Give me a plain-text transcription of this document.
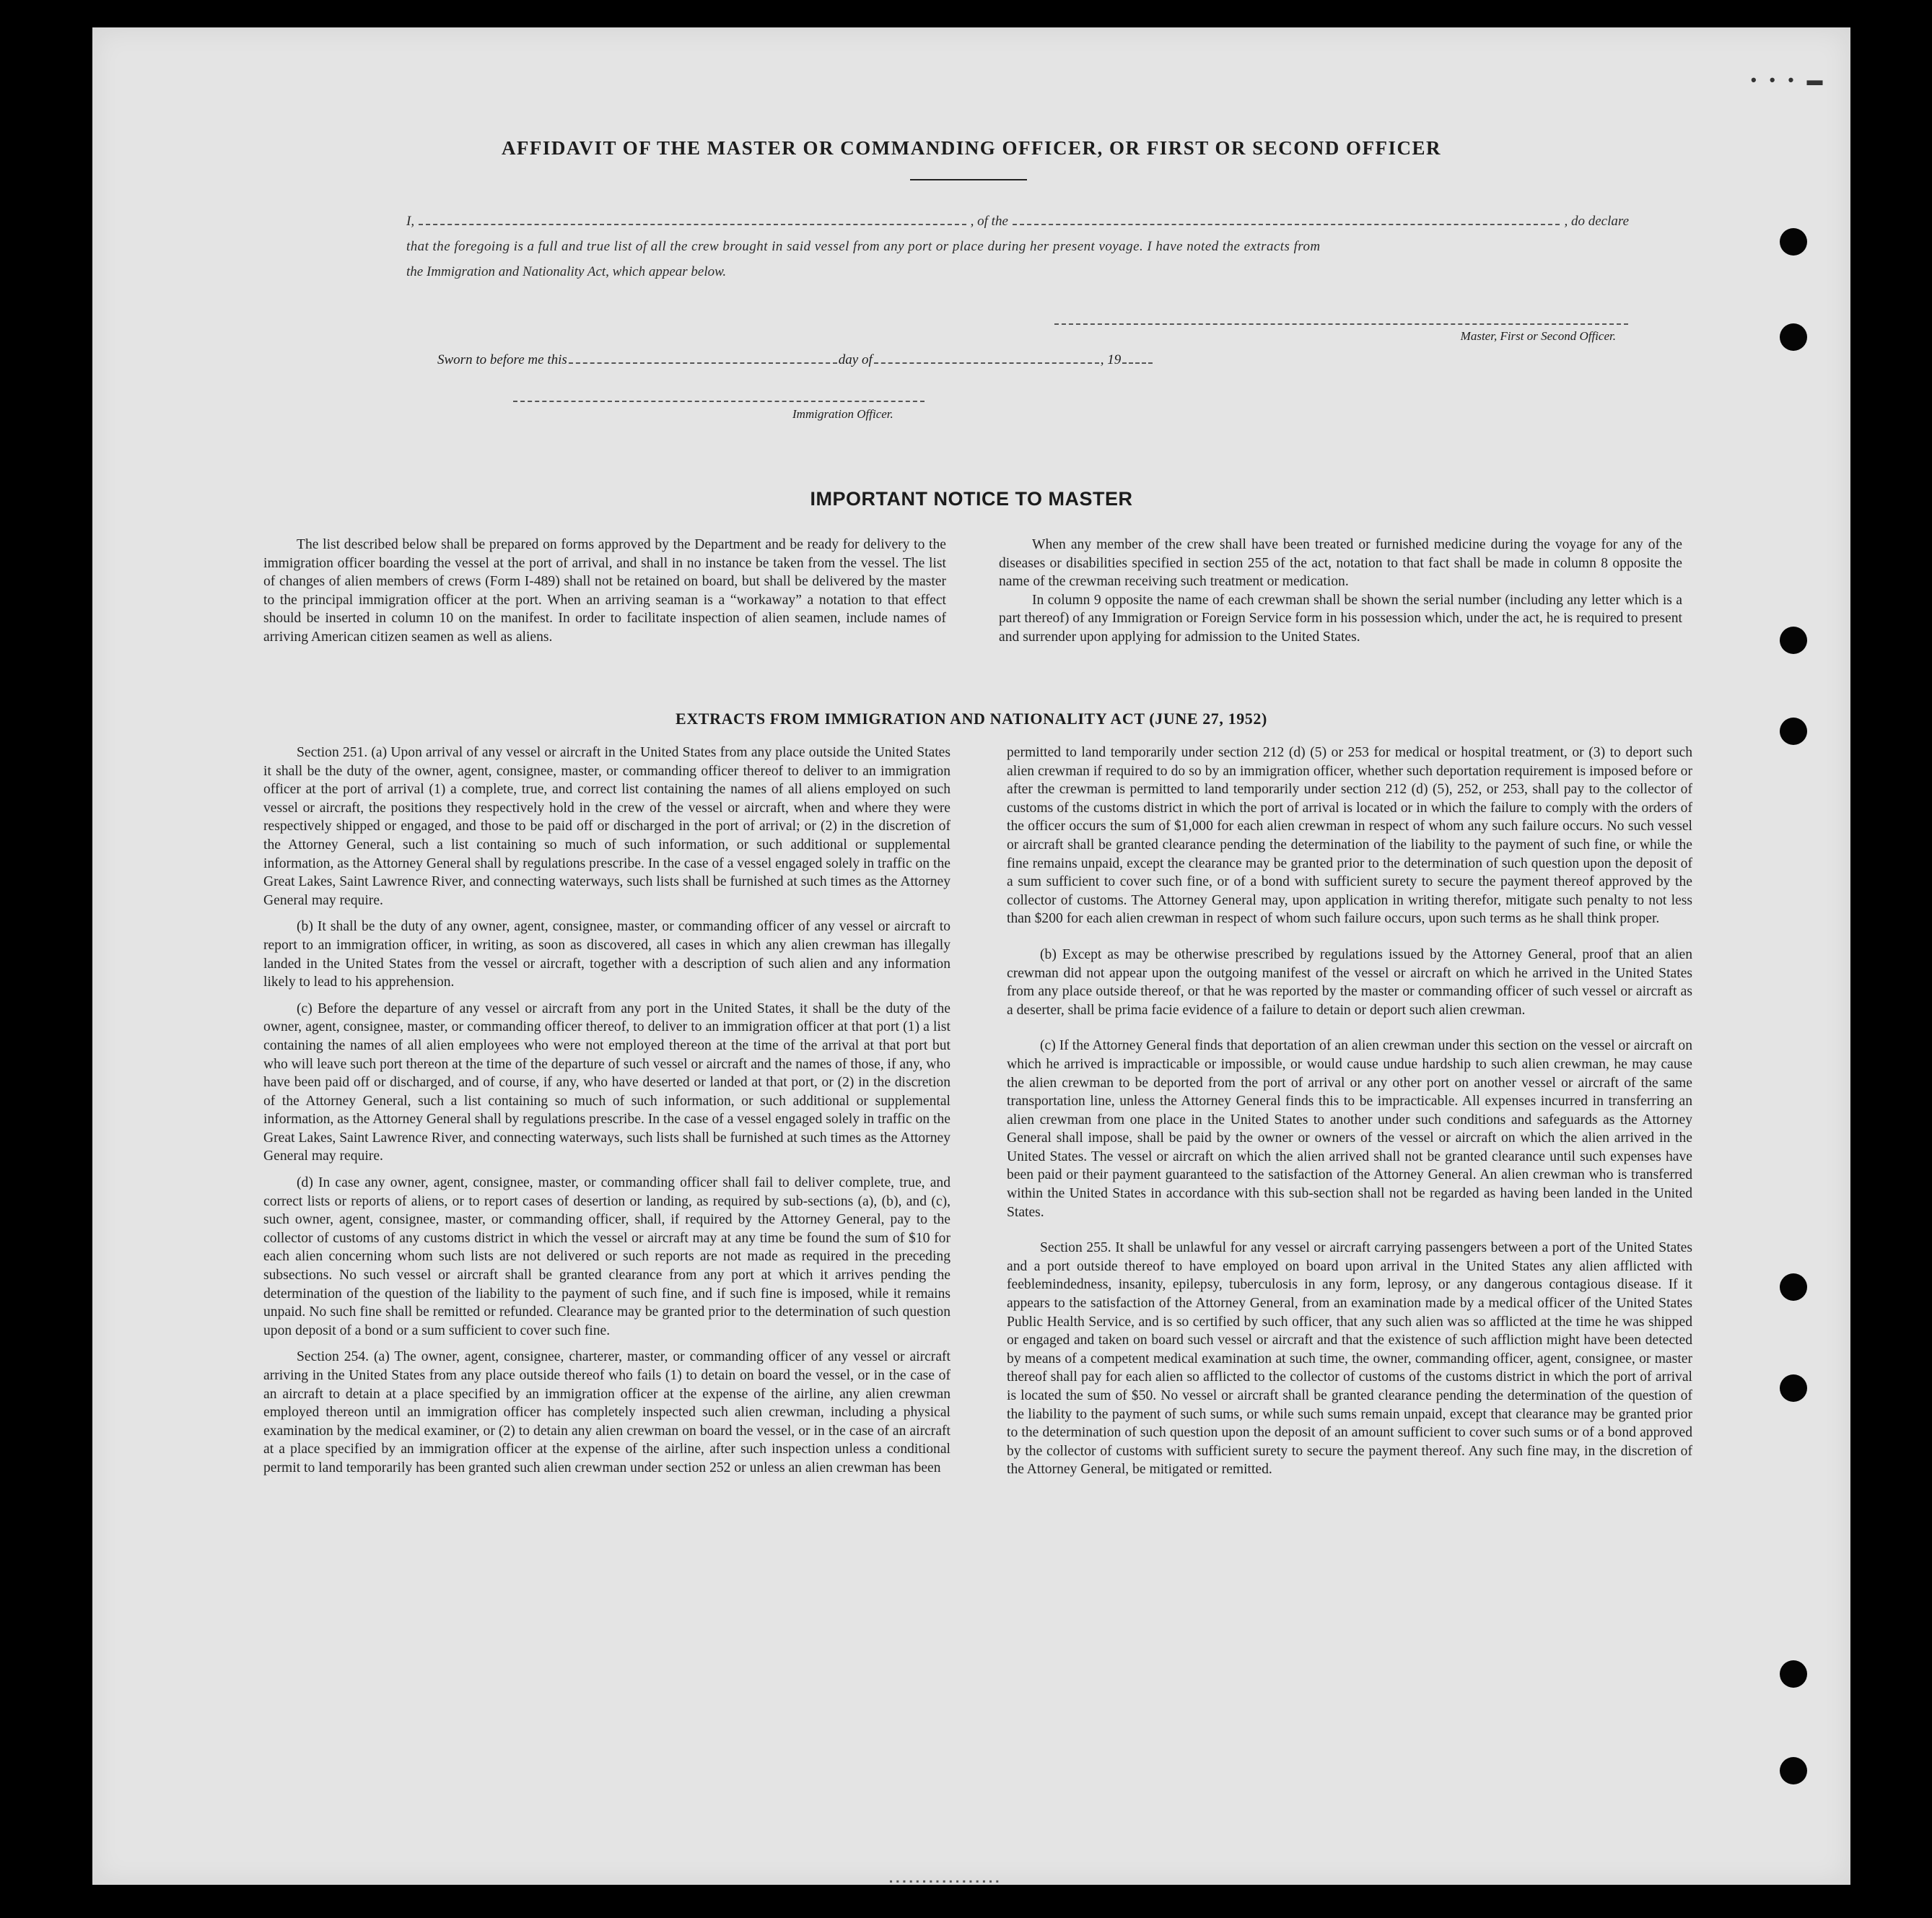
• • • ▬
AFFIDAVIT OF THE MASTER OR COMMANDING OFFICER, OR FIRST OR SECOND OFFICER
I,	, of the	, do declare
that the foregoing is a full and true list of all the crew brought in said vessel from any port or place during her present voyage. I have noted the extracts from
the Immigration and Nationality Act, which appear below.
Master, First or Second Officer.
Sworn to before me this	day of	, 19
Immigration Officer.
IMPORTANT NOTICE TO MASTER

The list described below shall be prepared on forms approved by the Department and be ready for delivery to the immigration officer boarding the vessel at the port of arrival, and shall in no instance be taken from the vessel. The list of changes of alien members of crews (Form I-489) shall not be retained on board, but shall be delivered by the master to the principal immigration officer at the port. When an arriving seaman is a “workaway” a notation to that effect should be inserted in column 10 on the manifest. In order to facilitate inspection of alien seamen, include names of arriving American citizen seamen as well as aliens.

When any member of the crew shall have been treated or furnished medicine during the voyage for any of the diseases or disabilities specified in section 255 of the act, notation to that fact shall be made in column 8 opposite the name of the crewman receiving such treatment or medication.

In column 9 opposite the name of each crewman shall be shown the serial number (including any letter which is a part thereof) of any Immigration or Foreign Service form in his possession which, under the act, he is required to present and surrender upon applying for admission to the United States.

EXTRACTS FROM IMMIGRATION AND NATIONALITY ACT (JUNE 27, 1952)

Section 251. (a) Upon arrival of any vessel or aircraft in the United States from any place outside the United States it shall be the duty of the owner, agent, consignee, master, or commanding officer thereof to deliver to an immigration officer at the port of arrival (1) a complete, true, and correct list containing the names of all aliens employed on such vessel or aircraft, the positions they respectively hold in the crew of the vessel or aircraft, when and where they were respectively shipped or engaged, and those to be paid off or discharged in the port of arrival; or (2) in the discretion of the Attorney General, such a list containing so much of such information, or such additional or supplemental information, as the Attorney General shall by regulations prescribe. In the case of a vessel engaged solely in traffic on the Great Lakes, Saint Lawrence River, and connecting waterways, such lists shall be furnished at such times as the Attorney General may require.

(b) It shall be the duty of any owner, agent, consignee, master, or commanding officer of any vessel or aircraft to report to an immigration officer, in writing, as soon as discovered, all cases in which any alien crewman has illegally landed in the United States from the vessel or aircraft, together with a description of such alien and any information likely to lead to his apprehension.

(c) Before the departure of any vessel or aircraft from any port in the United States, it shall be the duty of the owner, agent, consignee, master, or commanding officer thereof, to deliver to an immigration officer at that port (1) a list containing the names of all alien employees who were not employed thereon at the time of the arrival at that port but who will leave such port thereon at the time of the departure of such vessel or aircraft and the names of those, if any, who have been paid off or discharged, and of course, if any, who have deserted or landed at that port, or (2) in the discretion of the Attorney General, such a list containing so much of such information, or such additional or supplemental information, as the Attorney General shall by regulations prescribe. In the case of a vessel engaged solely in traffic on the Great Lakes, Saint Lawrence River, and connecting waterways, such lists shall be furnished at such times as the Attorney General may require.

(d) In case any owner, agent, consignee, master, or commanding officer shall fail to deliver complete, true, and correct lists or reports of aliens, or to report cases of desertion or landing, as required by sub-sections (a), (b), and (c), such owner, agent, consignee, master, or commanding officer, shall, if required by the Attorney General, pay to the collector of customs of any customs district in which the vessel or aircraft may at any time be found the sum of $10 for each alien concerning whom such lists are not delivered or such reports are not made as required in the preceding subsections. No such vessel or aircraft shall be granted clearance from any port at which it arrives pending the determination of the question of the liability to the payment of such fine, and if such fine is imposed, while it remains unpaid. No such fine shall be remitted or refunded. Clearance may be granted prior to the determination of such question upon deposit of a bond or a sum sufficient to cover such fine.

Section 254. (a) The owner, agent, consignee, charterer, master, or commanding officer of any vessel or aircraft arriving in the United States from any place outside thereof who fails (1) to detain on board the vessel, or in the case of an aircraft to detain at a place specified by an immigration officer at the expense of the airline, any alien crewman employed thereon until an immigration officer has completely inspected such alien crewman, including a physical examination by the medical examiner, or (2) to detain any alien crewman on board the vessel, or in the case of an aircraft at a place specified by an immigration officer at the expense of the airline, after such inspection unless a conditional permit to land temporarily has been granted such alien crewman under section 252 or unless an alien crewman has been

permitted to land temporarily under section 212 (d) (5) or 253 for medical or hospital treatment, or (3) to deport such alien crewman if required to do so by an immigration officer, whether such deportation requirement is imposed before or after the crewman is permitted to land temporarily under section 212 (d) (5), 252, or 253, shall pay to the collector of customs of the customs district in which the port of arrival is located or in which the failure to comply with the orders of the officer occurs the sum of $1,000 for each alien crewman in respect of whom any such failure occurs. No such vessel or aircraft shall be granted clearance pending the determination of the liability to the payment of such fine, or while the fine remains unpaid, except the clearance may be granted prior to the determination of such question upon the deposit of a sum sufficient to cover such fine, or of a bond with sufficient surety to secure the payment thereof approved by the collector of customs. The Attorney General may, upon application in writing therefor, mitigate such penalty to not less than $200 for each alien crewman in respect of whom such failure occurs, upon such terms as he shall think proper.

(b) Except as may be otherwise prescribed by regulations issued by the Attorney General, proof that an alien crewman did not appear upon the outgoing manifest of the vessel or aircraft on which he arrived in the United States from any place outside thereof, or that he was reported by the master or commanding officer of such vessel or aircraft as a deserter, shall be prima facie evidence of a failure to detain or deport such alien crewman.

(c) If the Attorney General finds that deportation of an alien crewman under this section on the vessel or aircraft on which he arrived is impracticable or impossible, or would cause undue hardship to such alien crewman, he may cause the alien crewman to be deported from the port of arrival or any other port on another vessel or aircraft of the same transportation line, unless the Attorney General finds this to be impracticable. All expenses incurred in transferring an alien crewman from one place in the United States to another under such conditions and safeguards as the Attorney General shall impose, shall be paid by the owner or owners of the vessel or aircraft on which the alien arrived in the United States. The vessel or aircraft on which the alien arrived shall not be granted clearance until such expenses have been paid or their payment guaranteed to the satisfaction of the Attorney General. An alien crewman who is transferred within the United States in accordance with this sub-section shall not be regarded as having been landed in the United States.

Section 255. It shall be unlawful for any vessel or aircraft carrying passengers between a port of the United States and a port outside thereof to have employed on board upon arrival in the United States any alien afflicted with feeblemindedness, insanity, epilepsy, tuberculosis in any form, leprosy, or any dangerous contagious disease. If it appears to the satisfaction of the Attorney General, from an examination made by a medical officer of the United States Public Health Service, and is so certified by such officer, that any such alien was so afflicted at the time he was shipped or engaged and taken on board such vessel or aircraft and that the existence of such affliction might have been detected by means of a competent medical examination at such time, the owner, commanding officer, agent, consignee, or master thereof shall pay for each alien so afflicted to the collector of customs of the customs district in which the port of arrival is located the sum of $50. No vessel or aircraft shall be granted clearance pending the determination of the question of the liability to the payment of such sums, or while such sums remain unpaid, except that clearance may be granted prior to the determination of such question upon the deposit of an amount sufficient to cover such sums or of a bond approved by the collector of customs with sufficient surety to secure the payment thereof. Any such fine may, in the discretion of the Attorney General, be mitigated or remitted.

▪▪▪▪▪▪▪▪▪▪▪▪▪▪▪▪▪
